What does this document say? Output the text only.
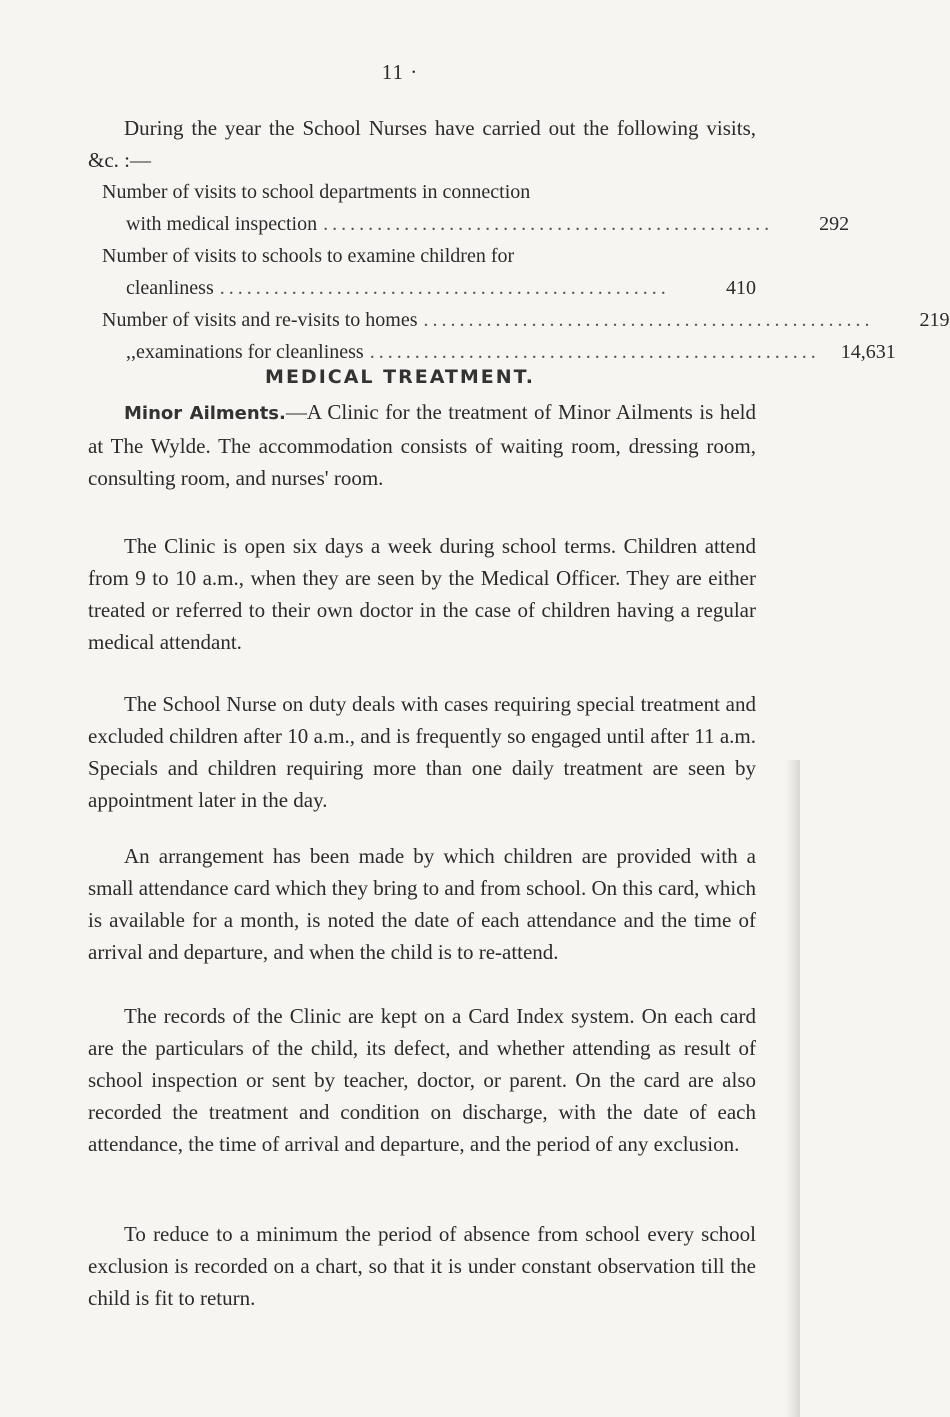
11 ·

During the year the School Nurses have carried out the following visits, &c. :—

Number of visits to school departments in connection
with medical inspection ..................................................	292
Number of visits to schools to examine children for
cleanliness ..................................................	410
Number of visits and re-visits to homes ..................................................	219
,, examinations for cleanliness ..................................................	14,631
MEDICAL TREATMENT.

Minor Ailments.—A Clinic for the treatment of Minor Ailments is held at The Wylde. The accommodation consists of waiting room, dressing room, consulting room, and nurses' room.

The Clinic is open six days a week during school terms. Children attend from 9 to 10 a.m., when they are seen by the Medical Officer. They are either treated or referred to their own doctor in the case of children having a regular medical attendant.

The School Nurse on duty deals with cases requiring special treatment and excluded children after 10 a.m., and is frequently so engaged until after 11 a.m. Specials and children requiring more than one daily treatment are seen by appointment later in the day.

An arrangement has been made by which children are provided with a small attendance card which they bring to and from school. On this card, which is available for a month, is noted the date of each attendance and the time of arrival and departure, and when the child is to re-attend.

The records of the Clinic are kept on a Card Index system. On each card are the particulars of the child, its defect, and whether attending as result of school inspection or sent by teacher, doctor, or parent. On the card are also recorded the treatment and condition on discharge, with the date of each attendance, the time of arrival and departure, and the period of any exclusion.

To reduce to a minimum the period of absence from school every school exclusion is recorded on a chart, so that it is under constant observation till the child is fit to return.
